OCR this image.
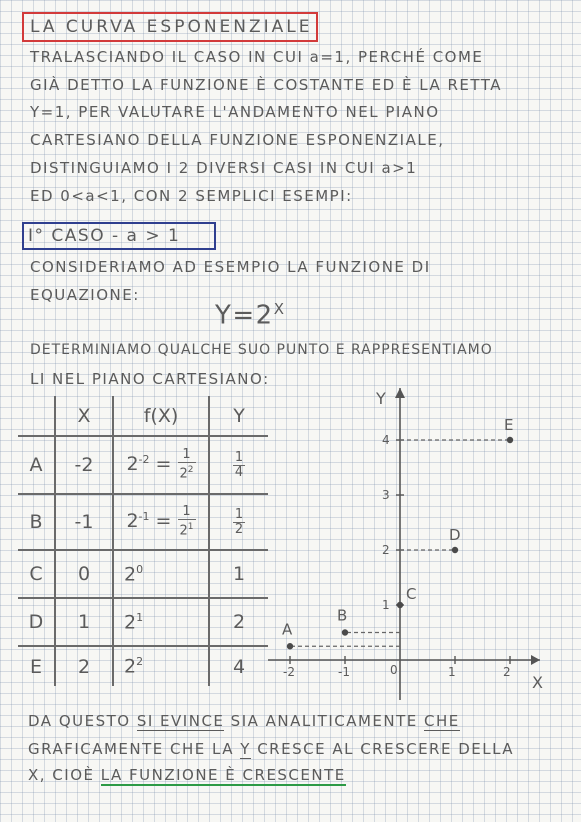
LA CURVA ESPONENZIALE
TRALASCIANDO IL CASO IN CUI a=1, PERCHÉ COME
GIÀ DETTO LA FUNZIONE È COSTANTE ED È LA RETTA
Y=1, PER VALUTARE L'ANDAMENTO NEL PIANO
CARTESIANO DELLA FUNZIONE ESPONENZIALE,
DISTINGUIAMO I 2 DIVERSI CASI IN CUI a>1
ED 0<a<1, CON 2 SEMPLICI ESEMPI:
I° CASO - a > 1
CONSIDERIAMO AD ESEMPIO LA FUNZIONE DI
EQUAZIONE:
$Y=2^X$
DETERMINIAMO QUALCHE SUO PUNTO E RAPPRESENTIAMO
LI NEL PIANO CARTESIANO:
	X	f(X)	Y
A	-2	$2^{-2} = \frac{1}{2^2}$	$\frac{1}{4}$

B	-1	$2^{-1} = \frac{1}{2^1}$	$\frac{1}{2}$

C	0	$2^0$	1
D	1	$2^1$	2
E	2	$2^2$	4
X
Y
0
-2	-1	1	2
1
2
3
4
A
B
C
D
E
DA QUESTO SI EVINCE SIA ANALITICAMENTE CHE
GRAFICAMENTE CHE LA Y CRESCE AL CRESCERE DELLA
X, CIOÈ LA FUNZIONE È CRESCENTE
